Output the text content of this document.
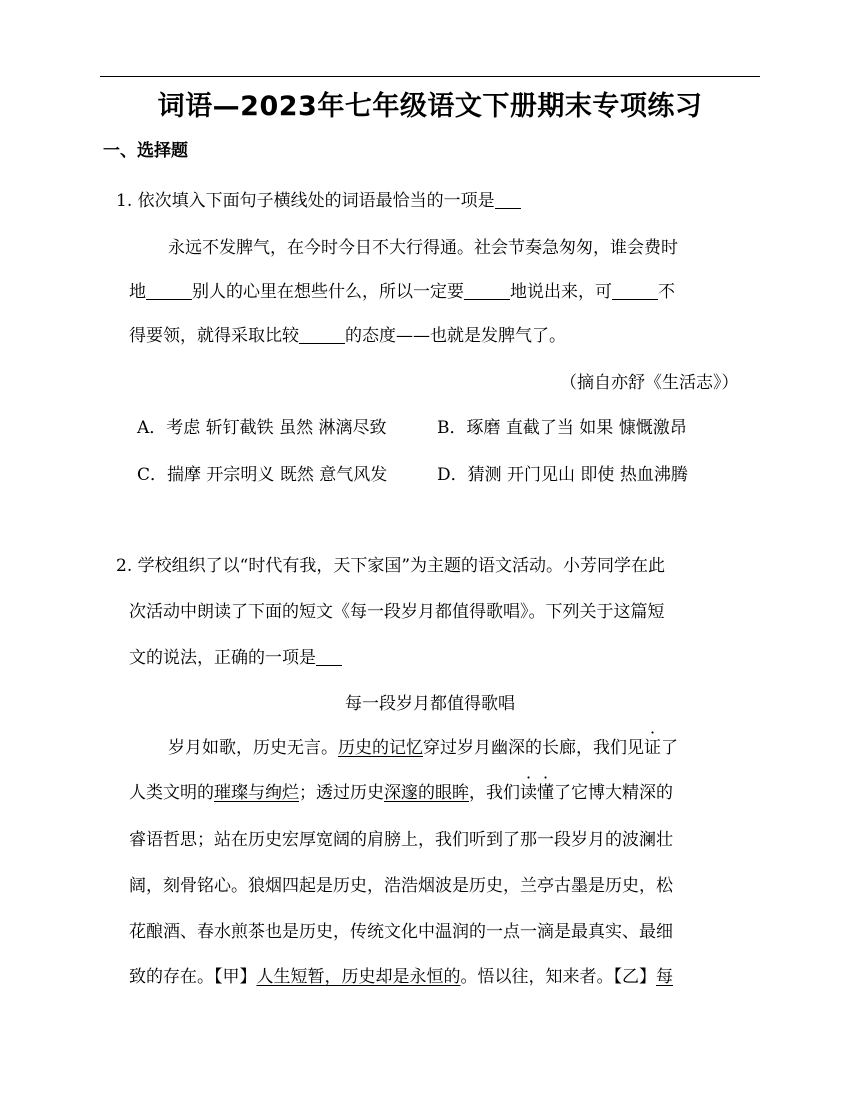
词语—2023年七年级语文下册期末专项练习
一、选择题
1. 依次填入下面句子横线处的词语最恰当的一项是
永远不发脾气，在今时今日不大行得通。社会节奏急匆匆，谁会费时
地	别人的心里在想些什么，所以一定要	地说出来，可	不
得要领，就得采取比较	的态度——也就是发脾气了。
（摘自亦舒《生活志》）
A．考虑 斩钉截铁 虽然 淋漓尽致	B．琢磨 直截了当 如果 慷慨激昂
C．揣摩 开宗明义 既然 意气风发	D．猜测 开门见山 即使 热血沸腾
2. 学校组织了以“时代有我，天下家国”为主题的语文活动。小芳同学在此
次活动中朗读了下面的短文《每一段岁月都值得歌唱》。下列关于这篇短
文的说法，正确的一项是
每一段岁月都值得歌唱
岁月如歌，历史无言。历史的记忆穿过岁月幽深的长廊，我们见证了
人类文明的璀璨与绚烂；透过历史深邃的眼眸，我们读懂了它博大精深的
睿语哲思；站在历史宏厚宽阔的肩膀上，我们听到了那一段岁月的波澜壮
阔，刻骨铭心。狼烟四起是历史，浩浩烟波是历史，兰亭古墨是历史，松
花酿酒、春水煎茶也是历史，传统文化中温润的一点一滴是最真实、最细
致的存在。【甲】人生短暂，历史却是永恒的。悟以往，知来者。【乙】每
